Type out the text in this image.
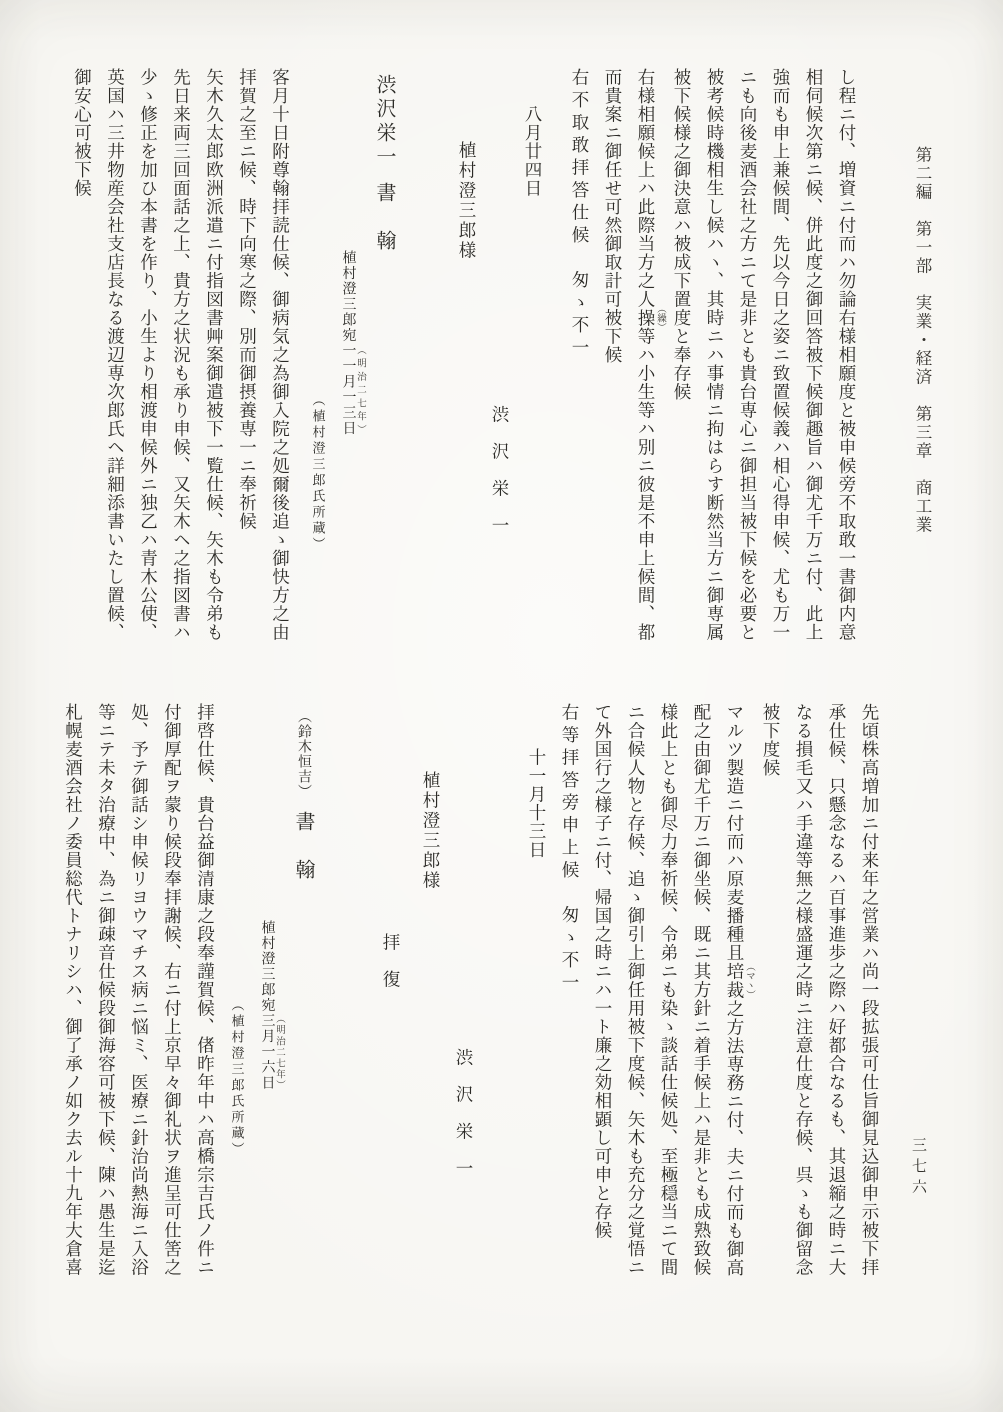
第二編　第一部　実業・経済　第三章　商工業
三七六

し程ニ付、増資ニ付而ハ勿論右様相願度と被申候旁不取敢一書御内意

相伺候次第ニ候、併此度之御回答被下候御趣旨ハ御尤千万ニ付、此上

強而も申上兼候間、先以今日之姿ニ致置候義ハ相心得申候、尤も万一

ニも向後麦酒会社之方ニて是非とも貴台専心ニ御担当被下候を必要と

被考候時機相生し候ハヽ、其時ニハ事情ニ拘はらす断然当方ニ御専属

被下候様之御決意ハ被成下置度と奉存候

右様相願候上ハ此際当方之人操 （繰）等ハ小生等ハ別ニ彼是不申上候間、都

而貴案ニ御任せ可然御取計可被下候

右不取敢拝答仕候　匆ゝ不一

八月廿四日

渋　沢　栄　一

植村澄三郎様

渋沢栄一書　翰

植村澄三郎宛一一月一三日 （明治二七年）

（植村澄三郎氏所蔵）

客月十日附尊翰拝読仕候、御病気之為御入院之処爾後追ゝ御快方之由

拝賀之至ニ候、時下向寒之際、別而御摂養専一ニ奉祈候

矢木久太郎欧洲派遣ニ付指図書艸案御遣被下一覧仕候、矢木も令弟も

先日来両三回面話之上、貴方之状況も承り申候、又矢木ヘ之指図書ハ

少ゝ修正を加ひ本書を作り、小生より相渡申候外ニ独乙ハ青木公使、

英国ハ三井物産会社支店長なる渡辺専次郎氏ヘ詳細添書いたし置候、

御安心可被下候

先頃株高増加ニ付来年之営業ハ尚一段拡張可仕旨御見込御申示被下拝

承仕候、只懸念なるハ百事進歩之際ハ好都合なるも、其退縮之時ニ大

なる損毛又ハ手違等無之様盛運之時ニ注意仕度と存候、呉ゝも御留念

被下度候

マルツ製造ニ付而ハ原麦播種且培裁 （マヽ）之方法専務ニ付、夫ニ付而も御高

配之由御尤千万ニ御坐候、既ニ其方針ニ着手候上ハ是非とも成熟致候

様此上とも御尽力奉祈候、令弟ニも染ゝ談話仕候処、至極穏当ニて間

ニ合候人物と存候、追ゝ御引上御任用被下度候、矢木も充分之覚悟ニ

て外国行之様子ニ付、帰国之時ニハ一ト廉之効相顕し可申と存候

右等拝答旁申上候　匆ゝ不一

十一月十三日

渋　沢　栄　一

植村澄三郎様

拝　復

（鈴木恒吉）書　翰

植村澄三郎宛三月一六日 （明治二七年）

（植村澄三郎氏所蔵）

拝啓仕候、貴台益御清康之段奉謹賀候、偖昨年中ハ高橋宗吉氏ノ件ニ

付御厚配ヲ蒙り候段奉拝謝候、右ニ付上京早々御礼状ヲ進呈可仕筈之

処、予テ御話シ申候リヨウマチス病ニ悩ミ、医療ニ針治尚熱海ニ入浴

等ニテ未タ治療中、為ニ御疎音仕候段御海容可被下候、陳ハ愚生是迄

札幌麦酒会社ノ委員総代トナリシハ、御了承ノ如ク去ル十九年大倉喜
